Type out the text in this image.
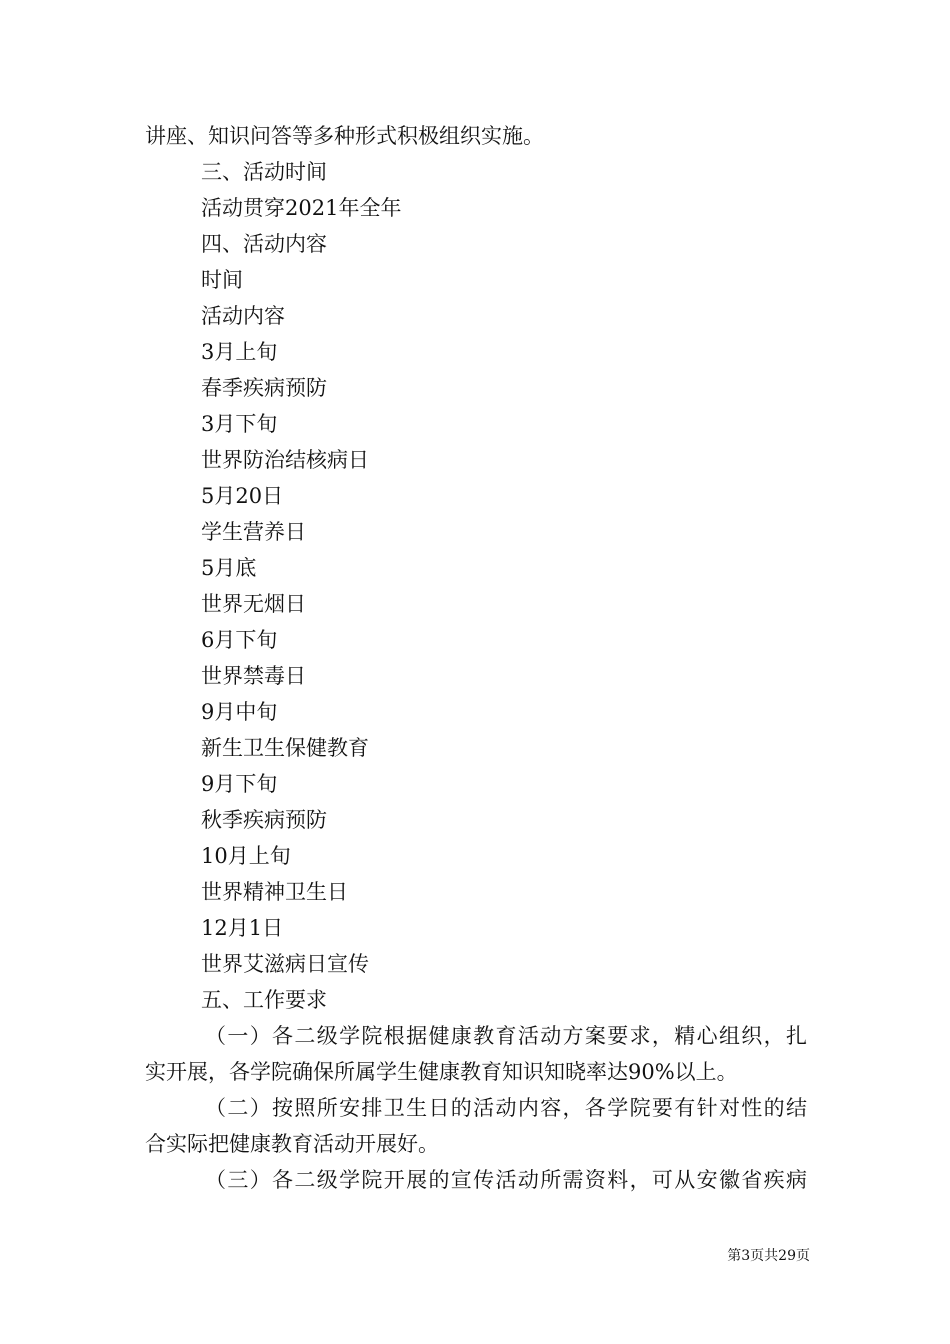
讲座、知识问答等多种形式积极组织实施。
三、活动时间
活动贯穿2021年全年
四、活动内容
时间
活动内容
3月上旬
春季疾病预防
3月下旬
世界防治结核病日
5月20日
学生营养日
5月底
世界无烟日
6月下旬
世界禁毒日
9月中旬
新生卫生保健教育
9月下旬
秋季疾病预防
10月上旬
世界精神卫生日
12月1日
世界艾滋病日宣传
五、工作要求
（一）各二级学院根据健康教育活动方案要求，精心组织，扎
实开展，各学院确保所属学生健康教育知识知晓率达90%以上。
（二）按照所安排卫生日的活动内容，各学院要有针对性的结
合实际把健康教育活动开展好。
（三）各二级学院开展的宣传活动所需资料，可从安徽省疾病
第3页共29页
